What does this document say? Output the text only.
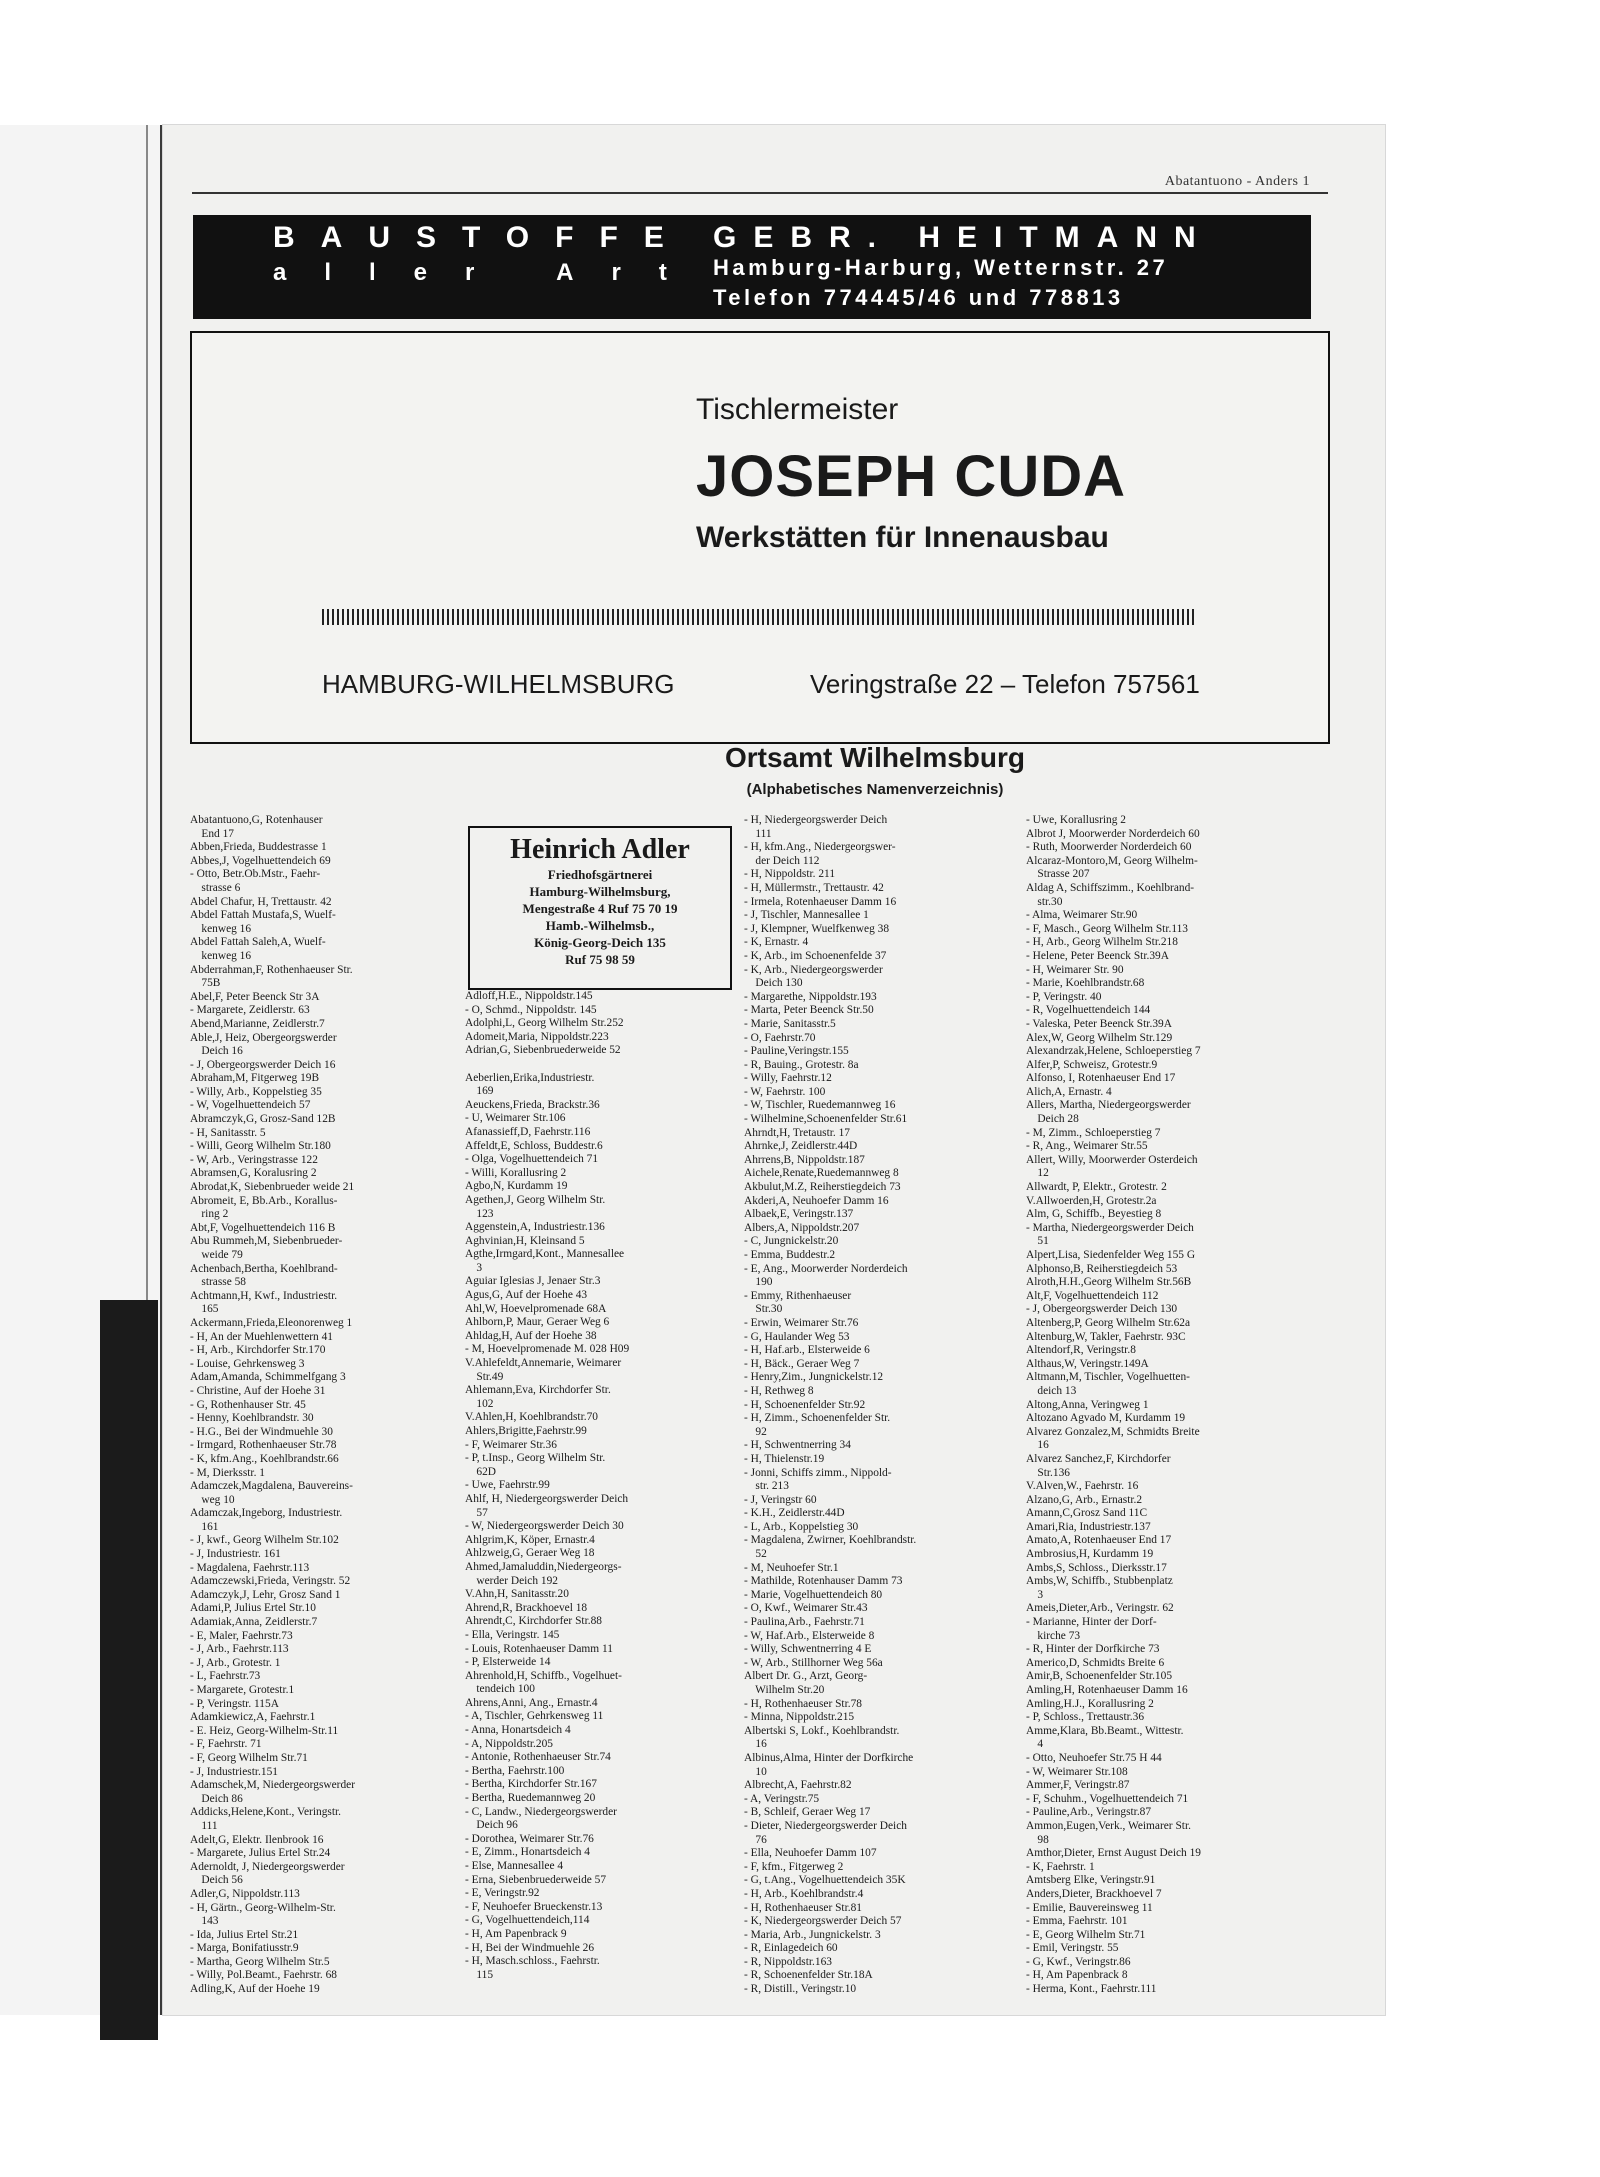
Abatantuono - Anders 1
BAUSTOFFE
aller Art
GEBR. HEITMANN
Hamburg-Harburg, Wetternstr. 27
Telefon 774445/46 und 778813
Tischlermeister
JOSEPH CUDA
Werkstätten für Innenausbau
HAMBURG-WILHELMSBURG	Veringstraße 22 – Telefon 757561
Ortsamt Wilhelmsburg
(Alphabetisches Namenverzeichnis)
Heinrich Adler
Friedhofsgärtnerei
Hamburg-Wilhelmsburg,
Mengestraße 4 Ruf 75 70 19
Hamb.-Wilhelmsb.,
König-Georg-Deich 135
Ruf 75 98 59
Abatantuono,G, Rotenhauser
End 17
Abben,Frieda, Buddestrasse 1
Abbes,J, Vogelhuettendeich 69
- Otto, Betr.Ob.Mstr., Faehr-
strasse 6
Abdel Chafur, H, Trettaustr. 42
Abdel Fattah Mustafa,S, Wuelf-
kenweg 16
Abdel Fattah Saleh,A, Wuelf-
kenweg 16
Abderrahman,F, Rothenhaeuser Str.
75B
Abel,F, Peter Beenck Str 3A
- Margarete, Zeidlerstr. 63
Abend,Marianne, Zeidlerstr.7
Able,J, Heiz, Obergeorgswerder
Deich 16
- J, Obergeorgswerder Deich 16
Abraham,M, Fitgerweg 19B
- Willy, Arb., Koppelstieg 35
- W, Vogelhuettendeich 57
Abramczyk,G, Grosz-Sand 12B
- H, Sanitasstr. 5
- Willi, Georg Wilhelm Str.180
- W, Arb., Veringstrasse 122
Abramsen,G, Koralusring 2
Abrodat,K, Siebenbrueder weide 21
Abromeit, E, Bb.Arb., Korallus-
ring 2
Abt,F, Vogelhuettendeich 116 B
Abu Rummeh,M, Siebenbrueder-
weide 79
Achenbach,Bertha, Koehlbrand-
strasse 58
Achtmann,H, Kwf., Industriestr.
165
Ackermann,Frieda,Eleonorenweg 1
- H, An der Muehlenwettern 41
- H, Arb., Kirchdorfer Str.170
- Louise, Gehrkensweg 3
Adam,Amanda, Schimmelfgang 3
- Christine, Auf der Hoehe 31
- G, Rothenhauser Str. 45
- Henny, Koehlbrandstr. 30
- H.G., Bei der Windmuehle 30
- Irmgard, Rothenhaeuser Str.78
- K, kfm.Ang., Koehlbrandstr.66
- M, Dierksstr. 1
Adamczek,Magdalena, Bauvereins-
weg 10
Adamczak,Ingeborg, Industriestr.
161
- J, kwf., Georg Wilhelm Str.102
- J, Industriestr. 161
- Magdalena, Faehrstr.113
Adamczewski,Frieda, Veringstr. 52
Adamczyk,J, Lehr, Grosz Sand 1
Adami,P, Julius Ertel Str.10
Adamiak,Anna, Zeidlerstr.7
- E, Maler, Faehrstr.73
- J, Arb., Faehrstr.113
- J, Arb., Grotestr. 1
- L, Faehrstr.73
- Margarete, Grotestr.1
- P, Veringstr. 115A
Adamkiewicz,A, Faehrstr.1
- E. Heiz, Georg-Wilhelm-Str.11
- F, Faehrstr. 71
- F, Georg Wilhelm Str.71
- J, Industriestr.151
Adamschek,M, Niedergeorgswerder
Deich 86
Addicks,Helene,Kont., Veringstr.
111
Adelt,G, Elektr. Ilenbrook 16
- Margarete, Julius Ertel Str.24
Adernoldt, J, Niedergeorgswerder
Deich 56
Adler,G, Nippoldstr.113
- H, Gärtn., Georg-Wilhelm-Str.
143
- Ida, Julius Ertel Str.21
- Marga, Bonifatiusstr.9
- Martha, Georg Wilhelm Str.5
- Willy, Pol.Beamt., Faehrstr. 68
Adling,K, Auf der Hoehe 19
Adloff,H.E., Nippoldstr.145
- O, Schmd., Nippoldstr. 145
Adolphi,L, Georg Wilhelm Str.252
Adomeit,Maria, Nippoldstr.223
Adrian,G, Siebenbruederweide 52

Aeberlien,Erika,Industriestr.
169
Aeuckens,Frieda, Brackstr.36
- U, Weimarer Str.106
Afanassieff,D, Faehrstr.116
Affeldt,E, Schloss, Buddestr.6
- Olga, Vogelhuettendeich 71
- Willi, Korallusring 2
Agbo,N, Kurdamm 19
Agethen,J, Georg Wilhelm Str.
123
Aggenstein,A, Industriestr.136
Aghvinian,H, Kleinsand 5
Agthe,Irmgard,Kont., Mannesallee
3
Aguiar Iglesias J, Jenaer Str.3
Agus,G, Auf der Hoehe 43
Ahl,W, Hoevelpromenade 68A
Ahlborn,P, Maur, Geraer Weg 6
Ahldag,H, Auf der Hoehe 38
- M, Hoevelpromenade M. 028 H09
V.Ahlefeldt,Annemarie, Weimarer
Str.49
Ahlemann,Eva, Kirchdorfer Str.
102
V.Ahlen,H, Koehlbrandstr.70
Ahlers,Brigitte,Faehrstr.99
- F, Weimarer Str.36
- P, t.Insp., Georg Wilhelm Str.
62D
- Uwe, Faehrstr.99
Ahlf, H, Niedergeorgswerder Deich
57
- W, Niedergeorgswerder Deich 30
Ahlgrim,K, Köper, Ernastr.4
Ahlzweig,G, Geraer Weg 18
Ahmed,Jamaluddin,Niedergeorgs-
werder Deich 192
V.Ahn,H, Sanitasstr.20
Ahrend,R, Brackhoevel 18
Ahrendt,C, Kirchdorfer Str.88
- Ella, Veringstr. 145
- Louis, Rotenhaeuser Damm 11
- P, Elsterweide 14
Ahrenhold,H, Schiffb., Vogelhuet-
tendeich 100
Ahrens,Anni, Ang., Ernastr.4
- A, Tischler, Gehrkensweg 11
- Anna, Honartsdeich 4
- A, Nippoldstr.205
- Antonie, Rothenhaeuser Str.74
- Bertha, Faehrstr.100
- Bertha, Kirchdorfer Str.167
- Bertha, Ruedemannweg 20
- C, Landw., Niedergeorgswerder
Deich 96
- Dorothea, Weimarer Str.76
- E, Zimm., Honartsdeich 4
- Else, Mannesallee 4
- Erna, Siebenbruederweide 57
- E, Veringstr.92
- F, Neuhoefer Brueckenstr.13
- G, Vogelhuettendeich,114
- H, Am Papenbrack 9
- H, Bei der Windmuehle 26
- H, Masch.schloss., Faehrstr.
115
- H, Niedergeorgswerder Deich
111
- H, kfm.Ang., Niedergeorgswer-
der Deich 112
- H, Nippoldstr. 211
- H, Müllermstr., Trettaustr. 42
- Irmela, Rotenhaeuser Damm 16
- J, Tischler, Mannesallee 1
- J, Klempner, Wuelfkenweg 38
- K, Ernastr. 4
- K, Arb., im Schoenenfelde 37
- K, Arb., Niedergeorgswerder
Deich 130
- Margarethe, Nippoldstr.193
- Marta, Peter Beenck Str.50
- Marie, Sanitasstr.5
- O, Faehrstr.70
- Pauline,Veringstr.155
- R, Bauing., Grotestr. 8a
- Willy, Faehrstr.12
- W, Faehrstr. 100
- W, Tischler, Ruedemannweg 16
- Wilhelmine,Schoenenfelder Str.61
Ahrndt,H, Tretaustr. 17
Ahrnke,J, Zeidlerstr.44D
Ahrrens,B, Nippoldstr.187
Aichele,Renate,Ruedemannweg 8
Akbulut,M.Z, Reiherstiegdeich 73
Akderi,A, Neuhoefer Damm 16
Albaek,E, Veringstr.137
Albers,A, Nippoldstr.207
- C, Jungnickelstr.20
- Emma, Buddestr.2
- E, Ang., Moorwerder Norderdeich
190
- Emmy, Rithenhaeuser
Str.30
- Erwin, Weimarer Str.76
- G, Haulander Weg 53
- H, Haf.arb., Elsterweide 6
- H, Bäck., Geraer Weg 7
- Henry,Zim., Jungnickelstr.12
- H, Rethweg 8
- H, Schoenenfelder Str.92
- H, Zimm., Schoenenfelder Str.
92
- H, Schwentnerring 34
- H, Thielenstr.19
- Jonni, Schiffs zimm., Nippold-
str. 213
- J, Veringstr 60
- K.H., Zeidlerstr.44D
- L, Arb., Koppelstieg 30
- Magdalena, Zwirner, Koehlbrandstr.
52
- M, Neuhoefer Str.1
- Mathilde, Rotenhauser Damm 73
- Marie, Vogelhuettendeich 80
- O, Kwf., Weimarer Str.43
- Paulina,Arb., Faehrstr.71
- W, Haf.Arb., Elsterweide 8
- Willy, Schwentnerring 4 E
- W, Arb., Stillhorner Weg 56a
Albert Dr. G., Arzt, Georg-
Wilhelm Str.20
- H, Rothenhaeuser Str.78
- Minna, Nippoldstr.215
Albertski S, Lokf., Koehlbrandstr.
16
Albinus,Alma, Hinter der Dorfkirche
10
Albrecht,A, Faehrstr.82
- A, Veringstr.75
- B, Schleif, Geraer Weg 17
- Dieter, Niedergeorgswerder Deich
76
- Ella, Neuhoefer Damm 107
- F, kfm., Fitgerweg 2
- G, t.Ang., Vogelhuettendeich 35K
- H, Arb., Koehlbrandstr.4
- H, Rothenhaeuser Str.81
- K, Niedergeorgswerder Deich 57
- Maria, Arb., Jungnickelstr. 3
- R, Einlagedeich 60
- R, Nippoldstr.163
- R, Schoenenfelder Str.18A
- R, Distill., Veringstr.10
- Uwe, Korallusring 2
Albrot J, Moorwerder Norderdeich 60
- Ruth, Moorwerder Norderdeich 60
Alcaraz-Montoro,M, Georg Wilhelm-
Strasse 207
Aldag A, Schiffszimm., Koehlbrand-
str.30
- Alma, Weimarer Str.90
- F, Masch., Georg Wilhelm Str.113
- H, Arb., Georg Wilhelm Str.218
- Helene, Peter Beenck Str.39A
- H, Weimarer Str. 90
- Marie, Koehlbrandstr.68
- P, Veringstr. 40
- R, Vogelhuettendeich 144
- Valeska, Peter Beenck Str.39A
Alex,W, Georg Wilhelm Str.129
Alexandrzak,Helene, Schloeperstieg 7
Alfer,P, Schweisz, Grotestr.9
Alfonso, I, Rotenhaeuser End 17
Alich,A, Ernastr. 4
Allers, Martha, Niedergeorgswerder
Deich 28
- M, Zimm., Schloeperstieg 7
- R, Ang., Weimarer Str.55
Allert, Willy, Moorwerder Osterdeich
12
Allwardt, P, Elektr., Grotestr. 2
V.Allwoerden,H, Grotestr.2a
Alm, G, Schiffb., Beyestieg 8
- Martha, Niedergeorgswerder Deich
51
Alpert,Lisa, Siedenfelder Weg 155 G
Alphonso,B, Reiherstiegdeich 53
Alroth,H.H.,Georg Wilhelm Str.56B
Alt,F, Vogelhuettendeich 112
- J, Obergeorgswerder Deich 130
Altenberg,P, Georg Wilhelm Str.62a
Altenburg,W, Takler, Faehrstr. 93C
Altendorf,R, Veringstr.8
Althaus,W, Veringstr.149A
Altmann,M, Tischler, Vogelhuetten-
deich 13
Altong,Anna, Veringweg 1
Altozano Agvado M, Kurdamm 19
Alvarez Gonzalez,M, Schmidts Breite
16
Alvarez Sanchez,F, Kirchdorfer
Str.136
V.Alven,W., Faehrstr. 16
Alzano,G, Arb., Ernastr.2
Amann,C,Grosz Sand 11C
Amari,Ria, Industriestr.137
Amato,A, Rotenhaeuser End 17
Ambrosius,H, Kurdamm 19
Ambs,S, Schloss., Dierksstr.17
Ambs,W, Schiffb., Stubbenplatz
3
Ameis,Dieter,Arb., Veringstr. 62
- Marianne, Hinter der Dorf-
kirche 73
- R, Hinter der Dorfkirche 73
Americo,D, Schmidts Breite 6
Amir,B, Schoenenfelder Str.105
Amling,H, Rotenhaeuser Damm 16
Amling,H.J., Korallusring 2
- P, Schloss., Trettaustr.36
Amme,Klara, Bb.Beamt., Wittestr.
4
- Otto, Neuhoefer Str.75 H 44
- W, Weimarer Str.108
Ammer,F, Veringstr.87
- F, Schuhm., Vogelhuettendeich 71
- Pauline,Arb., Veringstr.87
Ammon,Eugen,Verk., Weimarer Str.
98
Amthor,Dieter, Ernst August Deich 19
- K, Faehrstr. 1
Amtsberg Elke, Veringstr.91
Anders,Dieter, Brackhoevel 7
- Emilie, Bauvereinsweg 11
- Emma, Faehrstr. 101
- E, Georg Wilhelm Str.71
- Emil, Veringstr. 55
- G, Kwf., Veringstr.86
- H, Am Papenbrack 8
- Herma, Kont., Faehrstr.111
